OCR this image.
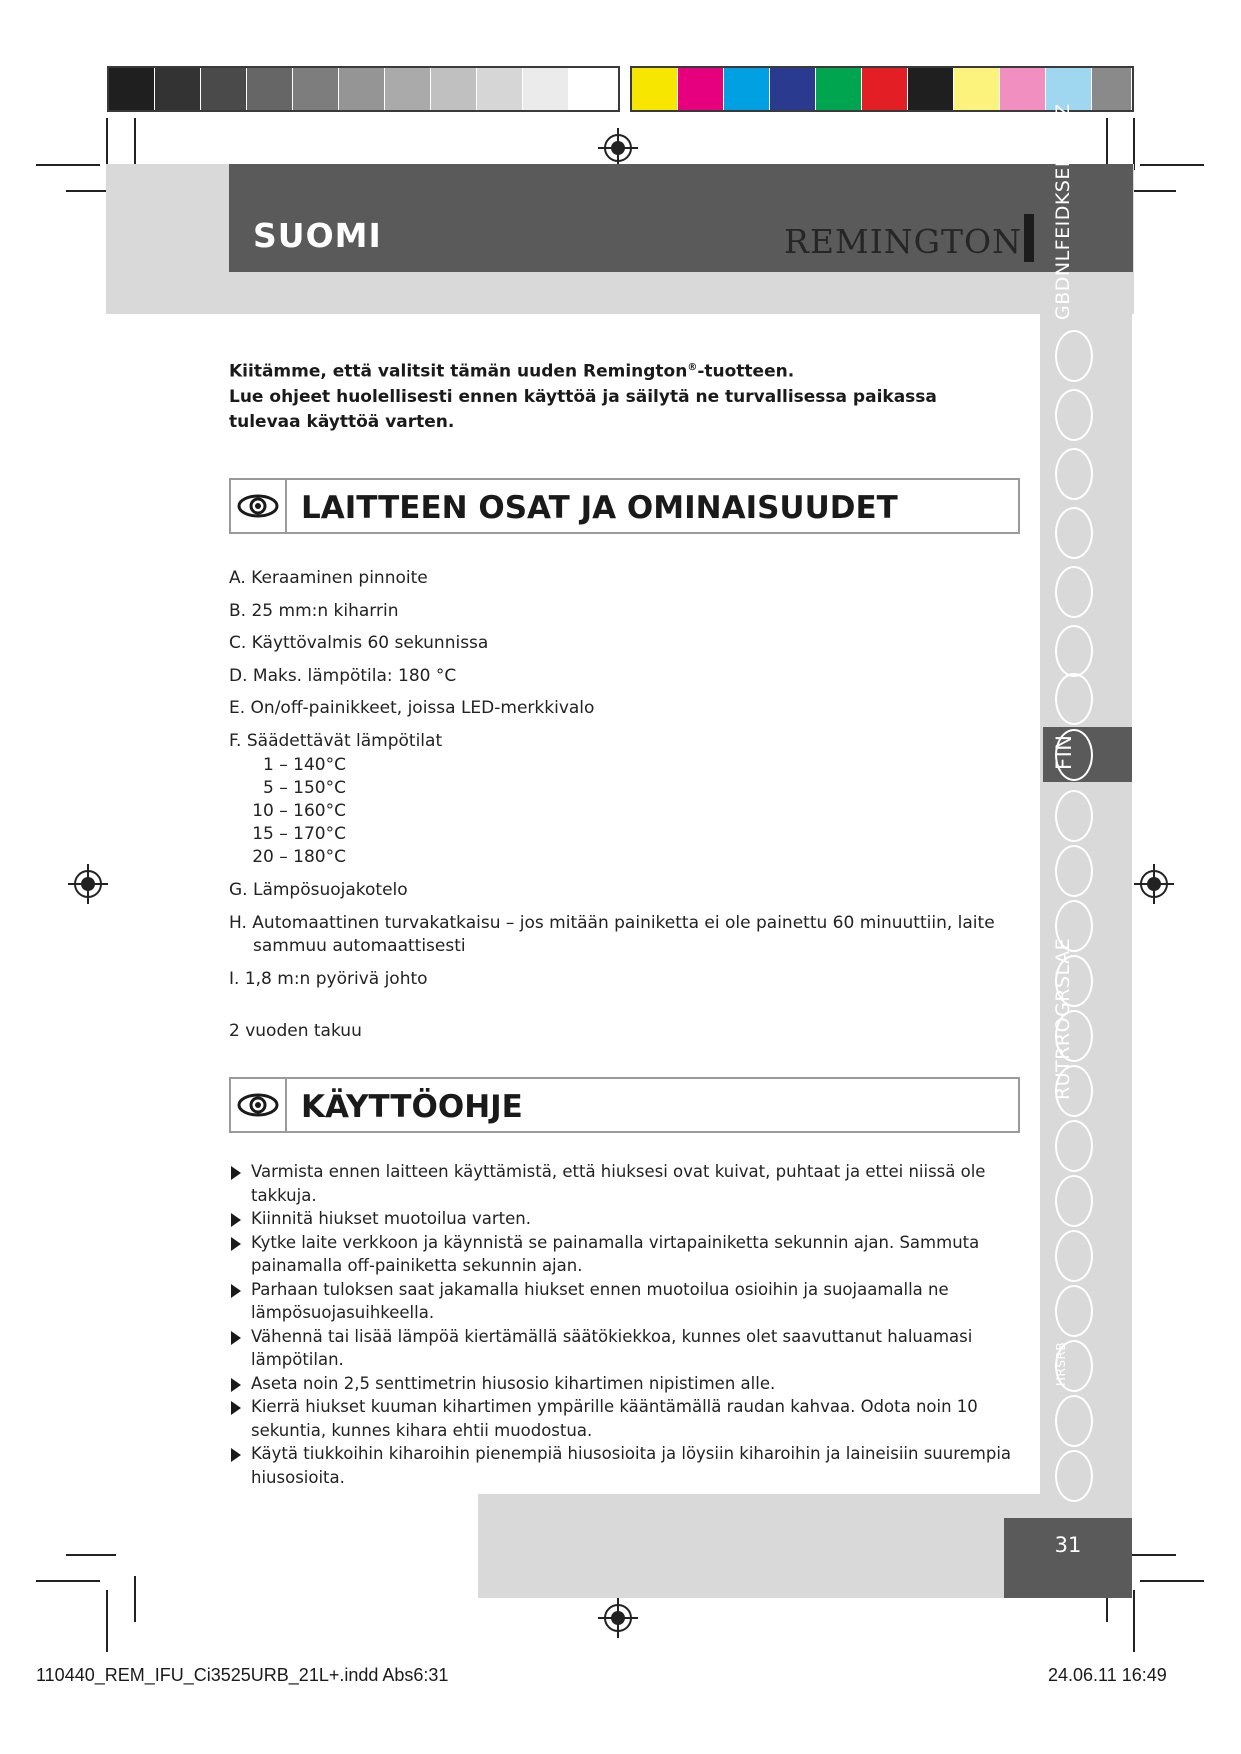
SUOMI	REMINGTON GBDNLFEIDKSEPSKCZ
FIN
RUTRROGRSLAE
HRSRB
Kiitämme, että valitsit tämän uuden Remington®-tuotteen.
Lue ohjeet huolellisesti ennen käyttöä ja säilytä ne turvallisessa paikassa tulevaa käyttöä varten.
LAITTEEN OSAT JA OMINAISUUDET
A. Keraaminen pinnoite
B. 25 mm:n kiharrin
C. Käyttövalmis 60 sekunnissa
D. Maks. lämpötila: 180 °C
E. On/off-painikkeet, joissa LED-merkkivalo
F. Säädettävät lämpötilat
1 – 140°C
5 – 150°C
10 – 160°C
15 – 170°C
20 – 180°C
G. Lämpösuojakotelo
H. Automaattinen turvakatkaisu – jos mitään painiketta ei ole painettu 60 minuuttiin, laite
sammuu automaattisesti
I. 1,8 m:n pyörivä johto
2 vuoden takuu
KÄYTTÖOHJE
Varmista ennen laitteen käyttämistä, että hiuksesi ovat kuivat, puhtaat ja ettei niissä ole takkuja.
Kiinnitä hiukset muotoilua varten.
Kytke laite verkkoon ja käynnistä se painamalla virtapainiketta sekunnin ajan. Sammuta painamalla off-painiketta sekunnin ajan.
Parhaan tuloksen saat jakamalla hiukset ennen muotoilua osioihin ja suojaamalla ne lämpösuojasuihkeella.
Vähennä tai lisää lämpöä kiertämällä säätökiekkoa, kunnes olet saavuttanut haluamasi lämpötilan.
Aseta noin 2,5 senttimetrin hiusosio kihartimen nipistimen alle.
Kierrä hiukset kuuman kihartimen ympärille kääntämällä raudan kahvaa. Odota noin 10 sekuntia, kunnes kihara ehtii muodostua.
Käytä tiukkoihin kiharoihin pienempiä hiusosioita ja löysiin kiharoihin ja laineisiin suurempia hiusosioita.
31
110440_REM_IFU_Ci3525URB_21L+.indd Abs6:31	24.06.11 16:49
